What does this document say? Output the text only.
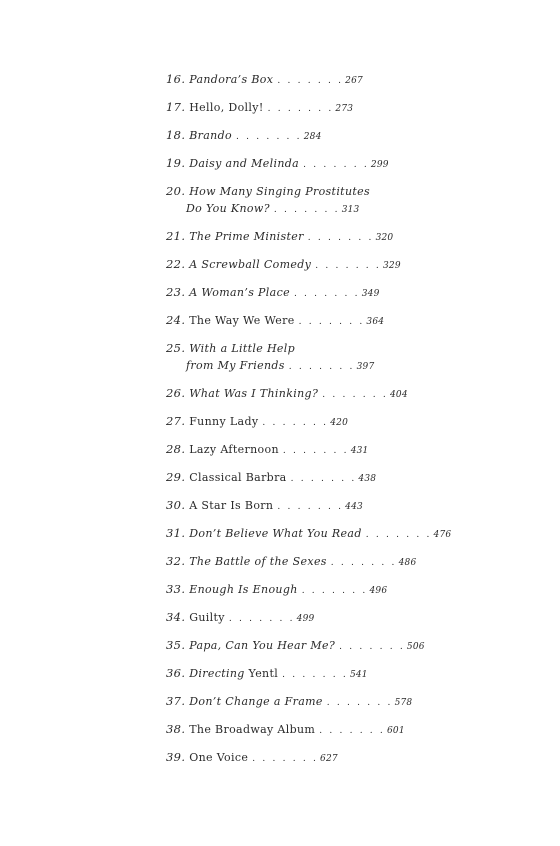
16. Pandora’s Box . . . . . . . 267
17. Hello, Dolly! . . . . . . . 273
18. Brando . . . . . . . 284
19. Daisy and Melinda . . . . . . . 299
20. How Many Singing Prostitutes
Do You Know? . . . . . . . 313
21. The Prime Minister . . . . . . . 320
22. A Screwball Comedy . . . . . . . 329
23. A Woman’s Place . . . . . . . 349
24. The Way We Were . . . . . . . 364
25. With a Little Help
from My Friends . . . . . . . 397
26. What Was I Thinking? . . . . . . . 404
27. Funny Lady . . . . . . . 420
28. Lazy Afternoon . . . . . . . 431
29. Classical Barbra . . . . . . . 438
30. A Star Is Born . . . . . . . 443
31. Don’t Believe What You Read . . . . . . . 476
32. The Battle of the Sexes . . . . . . . 486
33. Enough Is Enough . . . . . . . 496
34. Guilty . . . . . . . 499
35. Papa, Can You Hear Me? . . . . . . . 506
36. Directing Yentl . . . . . . . 541
37. Don’t Change a Frame . . . . . . . 578
38. The Broadway Album . . . . . . . 601
39. One Voice . . . . . . . 627
